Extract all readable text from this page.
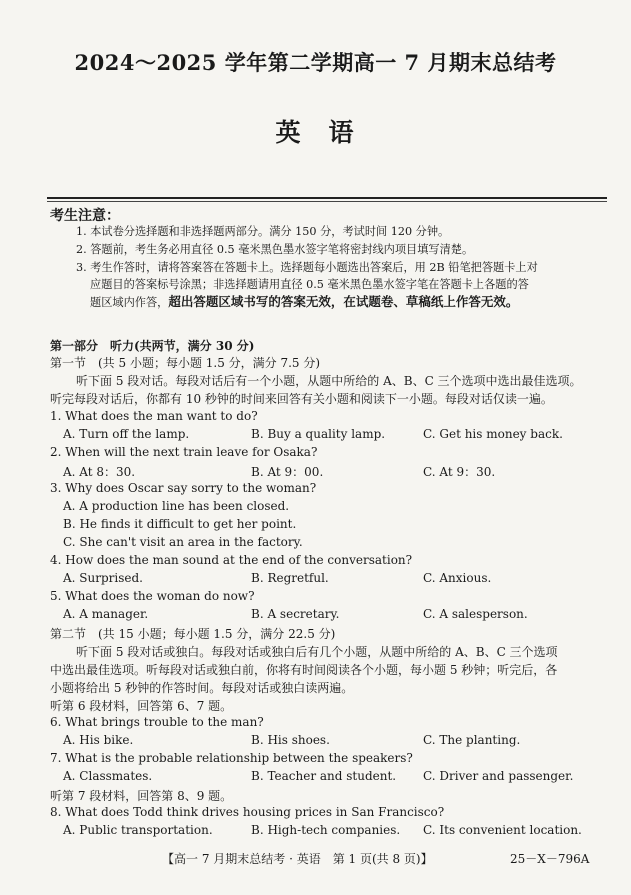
2024～2025 学年第二学期高一 7 月期末总结考
英语
考生注意：
1. 本试卷分选择题和非选择题两部分。满分 150 分，考试时间 120 分钟。
2. 答题前，考生务必用直径 0.5 毫米黑色墨水签字笔将密封线内项目填写清楚。
3. 考生作答时，请将答案答在答题卡上。选择题每小题选出答案后，用 2B 铅笔把答题卡上对
应题目的答案标号涂黑；非选择题请用直径 0.5 毫米黑色墨水签字笔在答题卡上各题的答
题区域内作答，超出答题区域书写的答案无效，在试题卷、草稿纸上作答无效。
第一部分　听力(共两节，满分 30 分)
第一节　(共 5 小题；每小题 1.5 分，满分 7.5 分)
听下面 5 段对话。每段对话后有一个小题，从题中所给的 A、B、C 三个选项中选出最佳选项。
听完每段对话后，你都有 10 秒钟的时间来回答有关小题和阅读下一小题。每段对话仅读一遍。
1. What does the man want to do?
A. Turn off the lamp.	B. Buy a quality lamp.	C. Get his money back.
2. When will the next train leave for Osaka?
A. At 8：30.	B. At 9：00.	C. At 9：30.
3. Why does Oscar say sorry to the woman?
A. A production line has been closed.
B. He finds it difficult to get her point.
C. She can't visit an area in the factory.
4. How does the man sound at the end of the conversation?
A. Surprised.	B. Regretful.	C. Anxious.
5. What does the woman do now?
A. A manager.	B. A secretary.	C. A salesperson.
第二节　(共 15 小题；每小题 1.5 分，满分 22.5 分)
听下面 5 段对话或独白。每段对话或独白后有几个小题，从题中所给的 A、B、C 三个选项
中选出最佳选项。听每段对话或独白前，你将有时间阅读各个小题，每小题 5 秒钟；听完后，各
小题将给出 5 秒钟的作答时间。每段对话或独白读两遍。
听第 6 段材料，回答第 6、7 题。
6. What brings trouble to the man?
A. His bike.	B. His shoes.	C. The planting.
7. What is the probable relationship between the speakers?
A. Classmates.	B. Teacher and student. C. Driver and passenger.
听第 7 段材料，回答第 8、9 题。
8. What does Todd think drives housing prices in San Francisco?
A. Public transportation.	B. High-tech companies. C. Its convenient location.
【高一 7 月期末总结考 · 英语　第 1 页(共 8 页)】	25－X－796A
